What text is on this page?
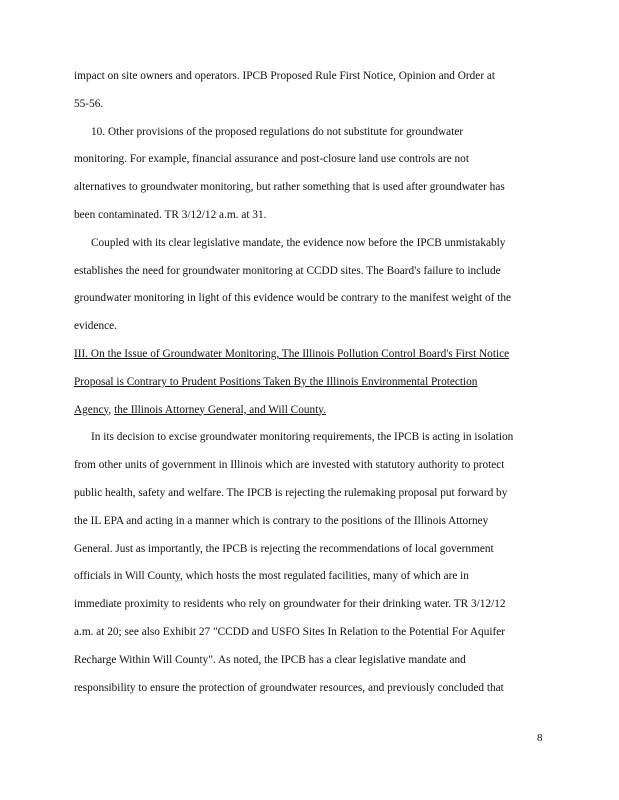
impact on site owners and operators. IPCB Proposed Rule First Notice, Opinion and Order at
55-56.
10. Other provisions of the proposed regulations do not substitute for groundwater
monitoring. For example, financial assurance and post-closure land use controls are not
alternatives to groundwater monitoring, but rather something that is used after groundwater has
been contaminated. TR 3/12/12 a.m. at 31.
Coupled with its clear legislative mandate, the evidence now before the IPCB unmistakably
establishes the need for groundwater monitoring at CCDD sites. The Board's failure to include
groundwater monitoring in light of this evidence would be contrary to the manifest weight of the
evidence.
III. On the Issue of Groundwater Monitoring, The Illinois Pollution Control Board's First Notice
Proposal is Contrary to Prudent Positions Taken By the Illinois Environmental Protection
Agency, the Illinois Attorney General, and Will County.
In its decision to excise groundwater monitoring requirements, the IPCB is acting in isolation
from other units of government in Illinois which are invested with statutory authority to protect
public health, safety and welfare. The IPCB is rejecting the rulemaking proposal put forward by
the IL EPA and acting in a manner which is contrary to the positions of the Illinois Attorney
General. Just as importantly, the IPCB is rejecting the recommendations of local government
officials in Will County, which hosts the most regulated facilities, many of which are in
immediate proximity to residents who rely on groundwater for their drinking water. TR 3/12/12
a.m. at 20; see also Exhibit 27 "CCDD and USFO Sites In Relation to the Potential For Aquifer
Recharge Within Will County". As noted, the IPCB has a clear legislative mandate and
responsibility to ensure the protection of groundwater resources, and previously concluded that
8
